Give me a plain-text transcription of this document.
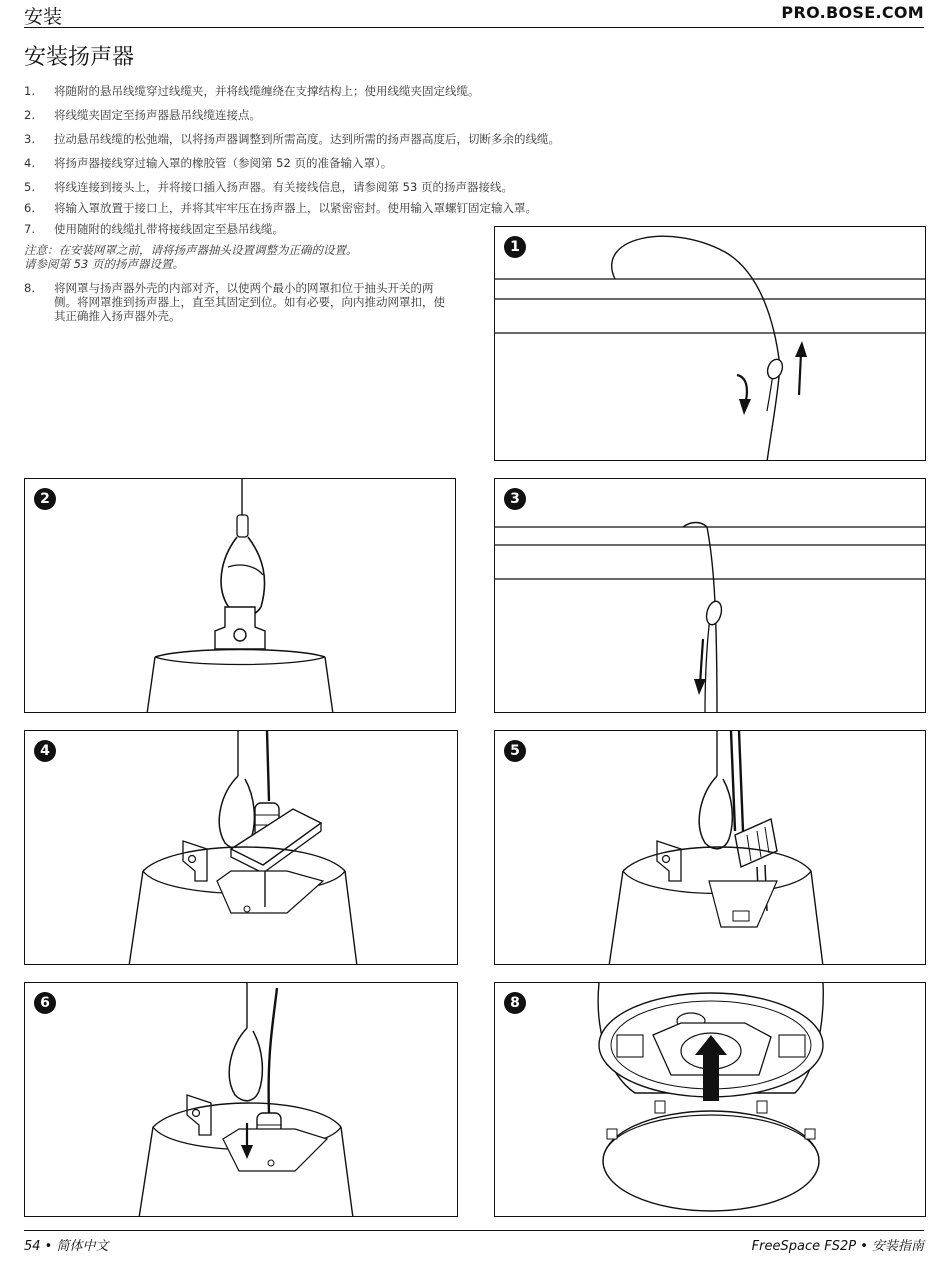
安装	PRO.BOSE.COM
安装扬声器
1. 将随附的悬吊线缆穿过线缆夹，并将线缆缠绕在支撑结构上；使用线缆夹固定线缆。
2. 将线缆夹固定至扬声器悬吊线缆连接点。
3. 拉动悬吊线缆的松弛端，以将扬声器调整到所需高度。达到所需的扬声器高度后，切断多余的线缆。
4. 将扬声器接线穿过输入罩的橡胶管（参阅第 52 页的准备输入罩）。
5. 将线连接到接头上，并将接口插入扬声器。有关接线信息，请参阅第 53 页的扬声器接线。
6. 将输入罩放置于接口上，并将其牢牢压在扬声器上，以紧密密封。使用输入罩螺钉固定输入罩。
7. 使用随附的线缆扎带将接线固定至悬吊线缆。
注意：在安装网罩之前，请将扬声器抽头设置调整为正确的设置。
请参阅第 53 页的扬声器设置。
8.	将网罩与扬声器外壳的内部对齐，以使两个最小的网罩扣位于抽头开关的两侧。将网罩推到扬声器上，直至其固定到位。如有必要，向内推动网罩扣，使其正确推入扬声器外壳。
1
2	3
4	5
6	8
54 • 简体中文	FreeSpace FS2P • 安装指南
